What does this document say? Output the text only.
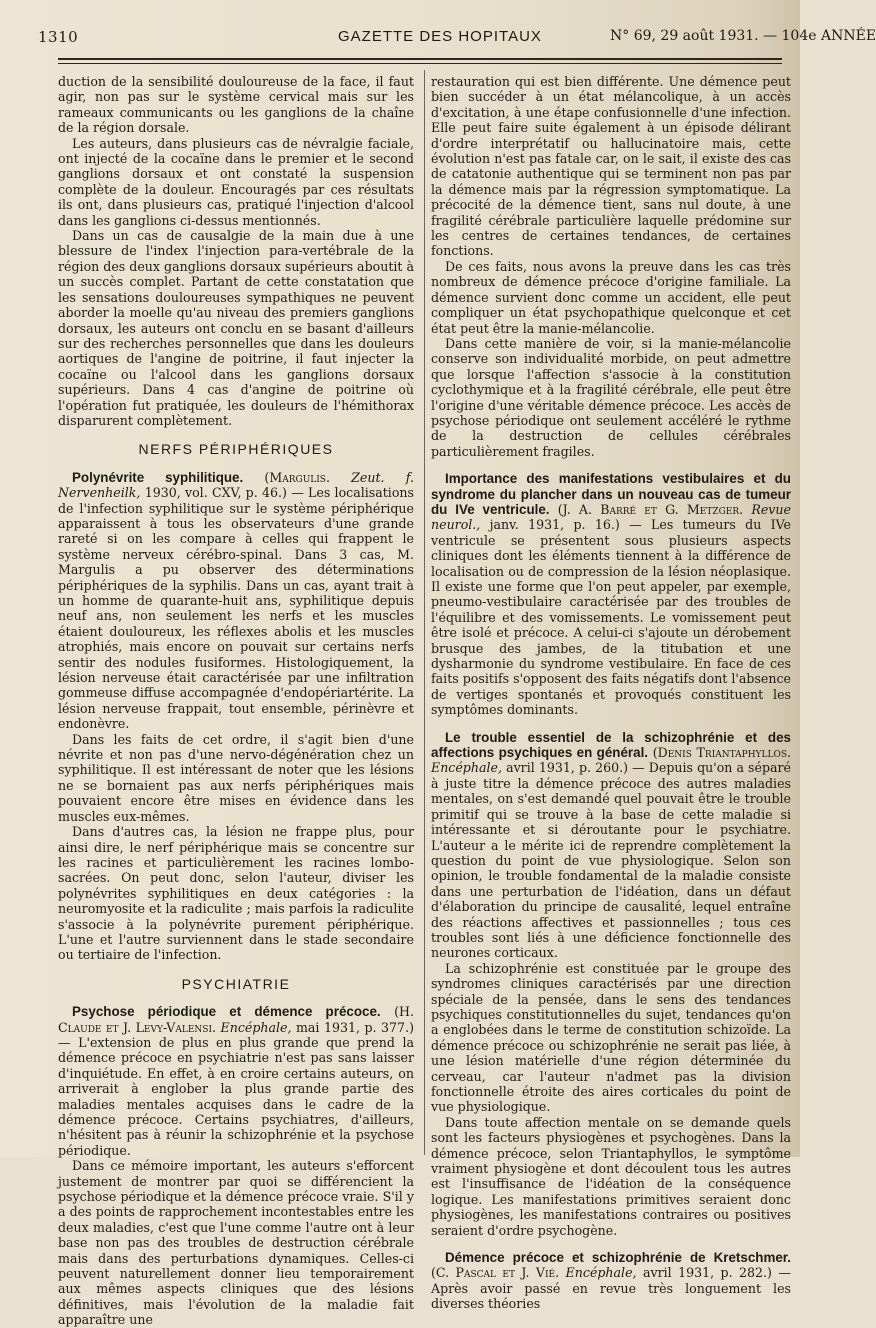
1310	GAZETTE DES HOPITAUX	N° 69, 29 août 1931. — 104e ANNÉE

duction de la sensibilité douloureuse de la face, il faut agir, non pas sur le système cervical mais sur les rameaux communicants ou les ganglions de la chaîne de la région dorsale.

Les auteurs, dans plusieurs cas de névralgie faciale, ont injecté de la cocaïne dans le premier et le second ganglions dorsaux et ont constaté la suspension complète de la douleur. Encouragés par ces résultats ils ont, dans plusieurs cas, pratiqué l'injection d'alcool dans les ganglions ci-dessus mentionnés.

Dans un cas de causalgie de la main due à une blessure de l'index l'injection para-vertébrale de la région des deux ganglions dorsaux supérieurs aboutit à un succès complet. Partant de cette constatation que les sensations douloureuses sympathiques ne peuvent aborder la moelle qu'au niveau des premiers ganglions dorsaux, les auteurs ont conclu en se basant d'ailleurs sur des recherches personnelles que dans les douleurs aortiques de l'angine de poitrine, il faut injecter la cocaïne ou l'alcool dans les ganglions dorsaux supérieurs. Dans 4 cas d'angine de poitrine où l'opération fut pratiquée, les douleurs de l'hémithorax disparurent complètement.

NERFS PÉRIPHÉRIQUES

Polynévrite syphilitique. (Margulis. Zeut. f. Nervenheilk, 1930, vol. CXV, p. 46.) — Les localisations de l'infection syphilitique sur le système périphérique apparaissent à tous les observateurs d'une grande rareté si on les compare à celles qui frappent le système nerveux cérébro-spinal. Dans 3 cas, M. Margulis a pu observer des déterminations périphériques de la syphilis. Dans un cas, ayant trait à un homme de quarante-huit ans, syphilitique depuis neuf ans, non seulement les nerfs et les muscles étaient douloureux, les réflexes abolis et les muscles atrophiés, mais encore on pouvait sur certains nerfs sentir des nodules fusiformes. Histologiquement, la lésion nerveuse était caractérisée par une infiltration gommeuse diffuse accompagnée d'endopériartérite. La lésion nerveuse frappait, tout ensemble, périnèvre et endonèvre.

Dans les faits de cet ordre, il s'agit bien d'une névrite et non pas d'une nervo-dégénération chez un syphilitique. Il est intéressant de noter que les lésions ne se bornaient pas aux nerfs périphériques mais pouvaient encore être mises en évidence dans les muscles eux-mêmes.

Dans d'autres cas, la lésion ne frappe plus, pour ainsi dire, le nerf périphérique mais se concentre sur les racines et particulièrement les racines lombo-sacrées. On peut donc, selon l'auteur, diviser les polynévrites syphilitiques en deux catégories : la neuromyosite et la radiculite ; mais parfois la radiculite s'associe à la polynévrite purement périphérique. L'une et l'autre surviennent dans le stade secondaire ou tertiaire de l'infection.

PSYCHIATRIE

Psychose périodique et démence précoce. (H. Claude et J. Levy-Valensi. Encéphale, mai 1931, p. 377.) — L'extension de plus en plus grande que prend la démence précoce en psychiatrie n'est pas sans laisser d'inquiétude. En effet, à en croire certains auteurs, on arriverait à englober la plus grande partie des maladies mentales acquises dans le cadre de la démence précoce. Certains psychiatres, d'ailleurs, n'hésitent pas à réunir la schizophrénie et la psychose périodique.

Dans ce mémoire important, les auteurs s'efforcent justement de montrer par quoi se différencient la psychose périodique et la démence précoce vraie. S'il y a des points de rapprochement incontestables entre les deux maladies, c'est que l'une comme l'autre ont à leur base non pas des troubles de destruction cérébrale mais dans des perturbations dynamiques. Celles-ci peuvent naturellement donner lieu temporairement aux mêmes aspects cliniques que des lésions définitives, mais l'évolution de la maladie fait apparaître une

restauration qui est bien différente. Une démence peut bien succéder à un état mélancolique, à un accès d'excitation, à une étape confusionnelle d'une infection. Elle peut faire suite également à un épisode délirant d'ordre interprétatif ou hallucinatoire mais, cette évolution n'est pas fatale car, on le sait, il existe des cas de catatonie authentique qui se terminent non pas par la démence mais par la régression symptomatique. La précocité de la démence tient, sans nul doute, à une fragilité cérébrale particulière laquelle prédomine sur les centres de certaines tendances, de certaines fonctions.

De ces faits, nous avons la preuve dans les cas très nombreux de démence précoce d'origine familiale. La démence survient donc comme un accident, elle peut compliquer un état psychopathique quelconque et cet état peut être la manie-mélancolie.

Dans cette manière de voir, si la manie-mélancolie conserve son individualité morbide, on peut admettre que lorsque l'affection s'associe à la constitution cyclothymique et à la fragilité cérébrale, elle peut être l'origine d'une véritable démence précoce. Les accès de psychose périodique ont seulement accéléré le rythme de la destruction de cellules cérébrales particulièrement fragiles.

Importance des manifestations vestibulaires et du syndrome du plancher dans un nouveau cas de tumeur du IVe ventricule. (J. A. Barré et G. Metzger. Revue neurol., janv. 1931, p. 16.) — Les tumeurs du IVe ventricule se présentent sous plusieurs aspects cliniques dont les éléments tiennent à la différence de localisation ou de compression de la lésion néoplasique. Il existe une forme que l'on peut appeler, par exemple, pneumo-vestibulaire caractérisée par des troubles de l'équilibre et des vomissements. Le vomissement peut être isolé et précoce. A celui-ci s'ajoute un dérobement brusque des jambes, de la titubation et une dysharmonie du syndrome vestibulaire. En face de ces faits positifs s'opposent des faits négatifs dont l'absence de vertiges spontanés et provoqués constituent les symptômes dominants.

Le trouble essentiel de la schizophrénie et des affections psychiques en général. (Denis Triantaphyllos. Encéphale, avril 1931, p. 260.) — Depuis qu'on a séparé à juste titre la démence précoce des autres maladies mentales, on s'est demandé quel pouvait être le trouble primitif qui se trouve à la base de cette maladie si intéressante et si déroutante pour le psychiatre. L'auteur a le mérite ici de reprendre complètement la question du point de vue physiologique. Selon son opinion, le trouble fondamental de la maladie consiste dans une perturbation de l'idéation, dans un défaut d'élaboration du principe de causalité, lequel entraîne des réactions affectives et passionnelles ; tous ces troubles sont liés à une déficience fonctionnelle des neurones corticaux.

La schizophrénie est constituée par le groupe des syndromes cliniques caractérisés par une direction spéciale de la pensée, dans le sens des tendances psychiques constitutionnelles du sujet, tendances qu'on a englobées dans le terme de constitution schizoïde. La démence précoce ou schizophrénie ne serait pas liée, à une lésion matérielle d'une région déterminée du cerveau, car l'auteur n'admet pas la division fonctionnelle étroite des aires corticales du point de vue physiologique.

Dans toute affection mentale on se demande quels sont les facteurs physiogènes et psychogènes. Dans la démence précoce, selon Triantaphyllos, le symptôme vraiment physiogène et dont découlent tous les autres est l'insuffisance de l'idéation de la conséquence logique. Les manifestations primitives seraient donc physiogènes, les manifestations contraires ou positives seraient d'ordre psychogène.

Démence précoce et schizophrénie de Kretschmer. (C. Pascal et J. Vié. Encéphale, avril 1931, p. 282.) — Après avoir passé en revue très longuement les diverses théories
